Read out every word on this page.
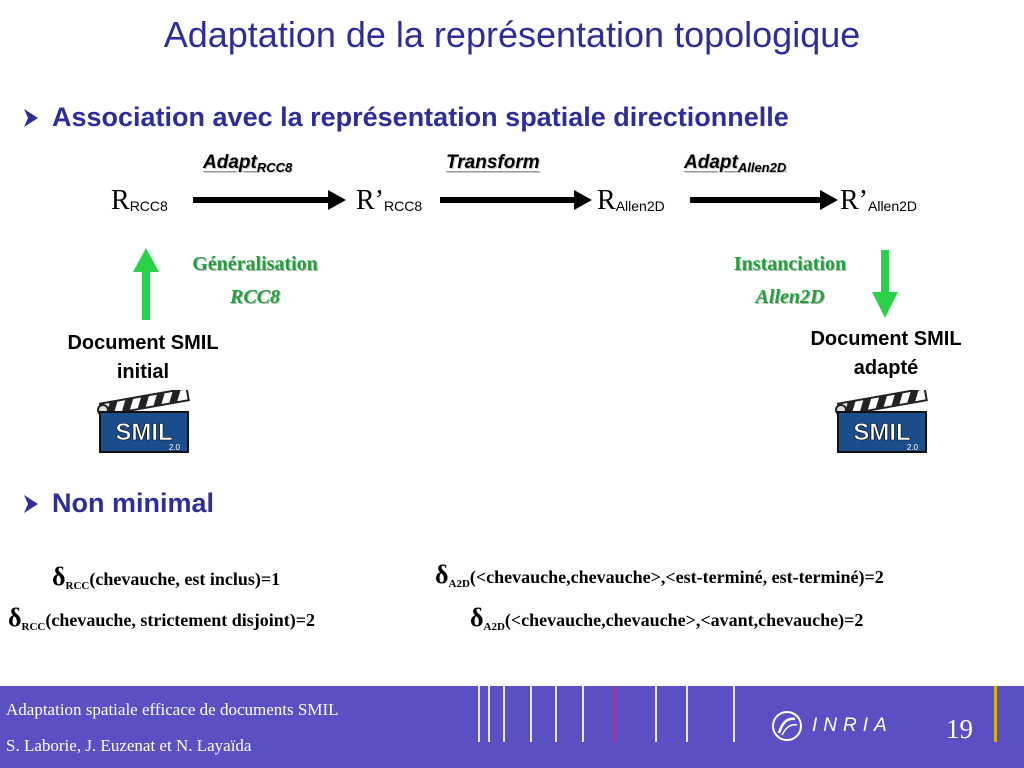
Adaptation de la représentation topologique
Association avec la représentation spatiale directionnelle
Adapt$_{RCC8}$	Transform	Adapt$_{Allen2D}$
RRCC8	R’RCC8	RAllen2D	R’Allen2D
Généralisation
RCC8
Instanciation
Allen2D
Document SMIL
initial
Document SMIL
adapté
SMIL
2.0
SMIL
2.0
Non minimal
$\delta_{RCC}(chevauche$, est inclus)=1
$\delta_{RCC}(chevauche$, strictement disjoint)=2
$\delta_{A2D}(<chevauche,chevauche>,<est$-terminé, est-terminé)=2
$\delta_{A2D}(<chevauche,chevauche>,<avant,chevauche)=2$
Adaptation spatiale efficace de documents SMIL
S. Laborie, J. Euzenat et N. Layaïda
19
INRIA
